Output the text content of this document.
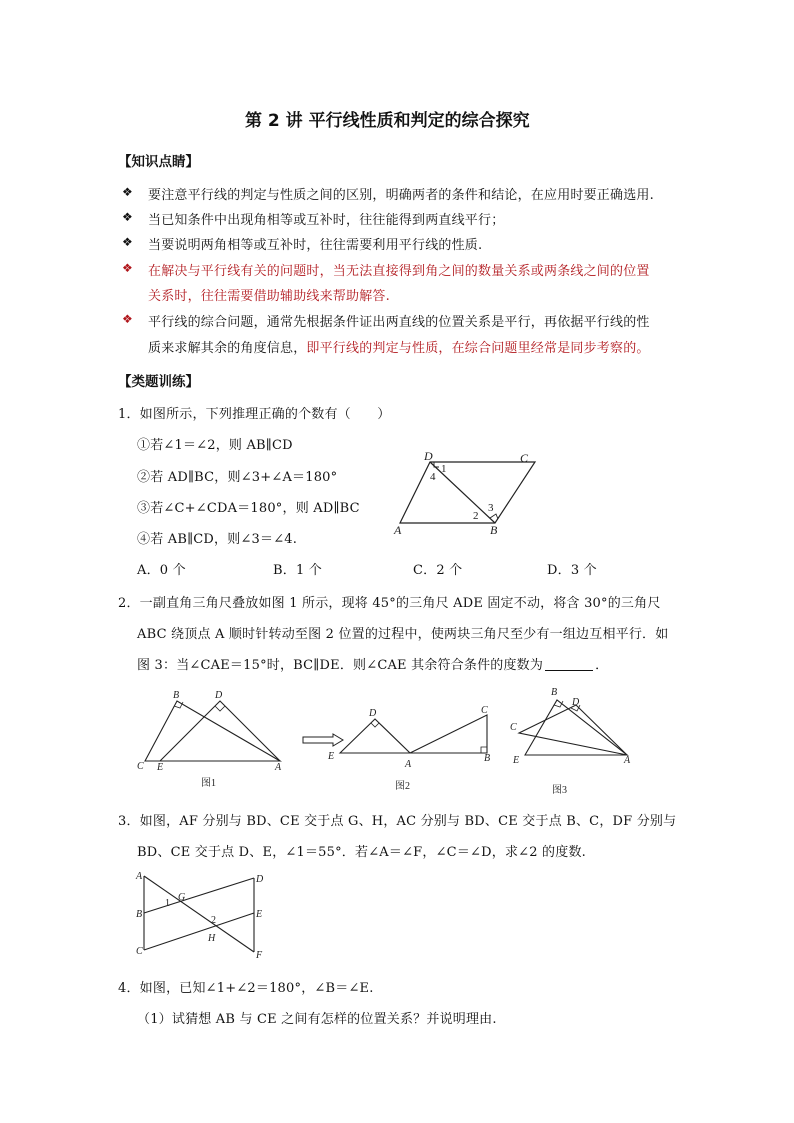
第 2 讲 平行线性质和判定的综合探究
【知识点睛】
❖ 要注意平行线的判定与性质之间的区别，明确两者的条件和结论，在应用时要正确选用.
❖ 当已知条件中出现角相等或互补时，往往能得到两直线平行；
❖ 当要说明两角相等或互补时，往往需要利用平行线的性质.
❖ 在解决与平行线有关的问题时，当无法直接得到角之间的数量关系或两条线之间的位置
关系时，往往需要借助辅助线来帮助解答.
❖ 平行线的综合问题，通常先根据条件证出两直线的位置关系是平行，再依据平行线的性
质来求解其余的角度信息，即平行线的判定与性质，在综合问题里经常是同步考察的。
【类题训练】
1．如图所示，下列推理正确的个数有（　　）
①若∠1＝∠2，则 AB∥CD
②若 AD∥BC，则∠3+∠A＝180°
③若∠C+∠CDA＝180°，则 AD∥BC
④若 AB∥CD，则∠3＝∠4.
A．0 个	B．1 个	C．2 个	D．3 个
D	C
A	B
1
4
2
3
2．一副直角三角尺叠放如图 1 所示，现将 45°的三角尺 ADE 固定不动，将含 30°的三角尺
ABC 绕顶点 A 顺时针转动至图 2 位置的过程中，使两块三角尺至少有一组边互相平行．如
图 3：当∠CAE＝15°时，BC∥DE．则∠CAE 其余符合条件的度数为	．
B	D
C E	A
图1
D
E
A
C
B
图2
B
D
C
E	A
图3
3．如图，AF 分别与 BD、CE 交于点 G、H，AC 分别与 BD、CE 交于点 B、C，DF 分别与
BD、CE 交于点 D、E，∠1＝55°．若∠A＝∠F，∠C＝∠D，求∠2 的度数.
A
B
C
D
E
F
G
H
1
2
4．如图，已知∠1+∠2＝180°，∠B＝∠E.
（1）试猜想 AB 与 CE 之间有怎样的位置关系？并说明理由.
